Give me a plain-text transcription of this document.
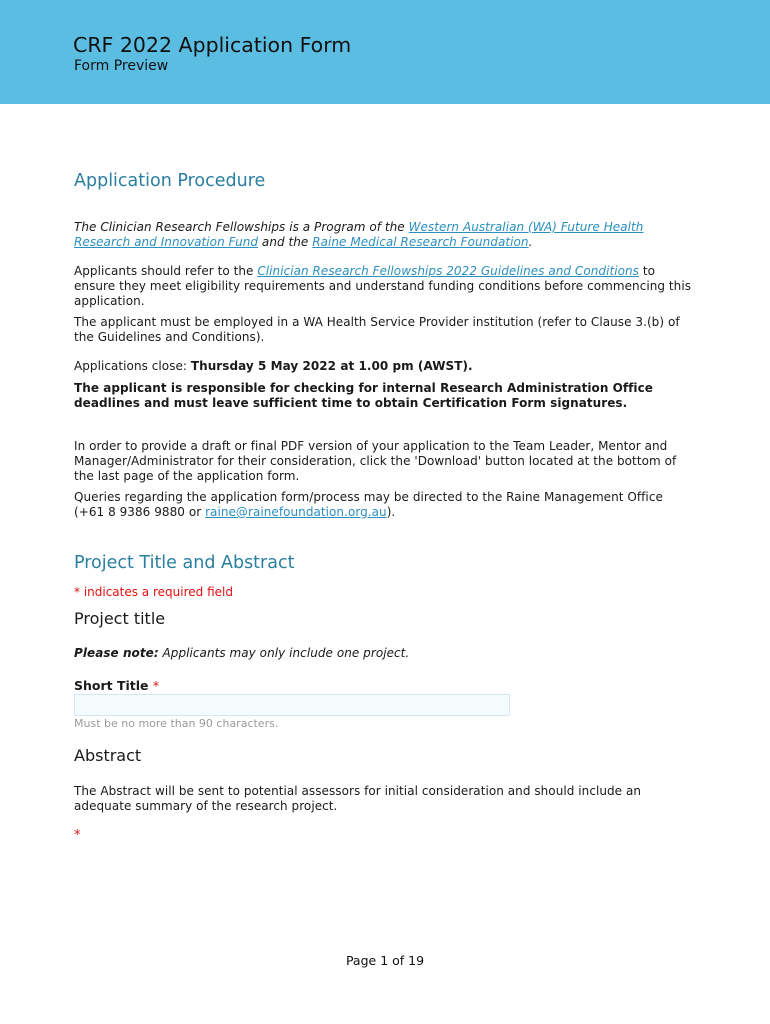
CRF 2022 Application Form
Form Preview
Application Procedure
The Clinician Research Fellowships is a Program of the Western Australian (WA) Future Health Research and Innovation Fund and the Raine Medical Research Foundation.
Applicants should refer to the Clinician Research Fellowships 2022 Guidelines and Conditions to ensure they meet eligibility requirements and understand funding conditions before commencing this application.
The applicant must be employed in a WA Health Service Provider institution (refer to Clause 3.(b) of the Guidelines and Conditions).
Applications close: Thursday 5 May 2022 at 1.00 pm (AWST).
The applicant is responsible for checking for internal Research Administration Office deadlines and must leave sufficient time to obtain Certification Form signatures.
In order to provide a draft or final PDF version of your application to the Team Leader, Mentor and Manager/Administrator for their consideration, click the 'Download' button located at the bottom of the last page of the application form.
Queries regarding the application form/process may be directed to the Raine Management Office (+61 8 9386 9880 or raine@rainefoundation.org.au).
Project Title and Abstract
* indicates a required field
Project title
Please note: Applicants may only include one project.
Short Title *
Must be no more than 90 characters.
Abstract
The Abstract will be sent to potential assessors for initial consideration and should include an adequate summary of the research project.
*
Page 1 of 19
